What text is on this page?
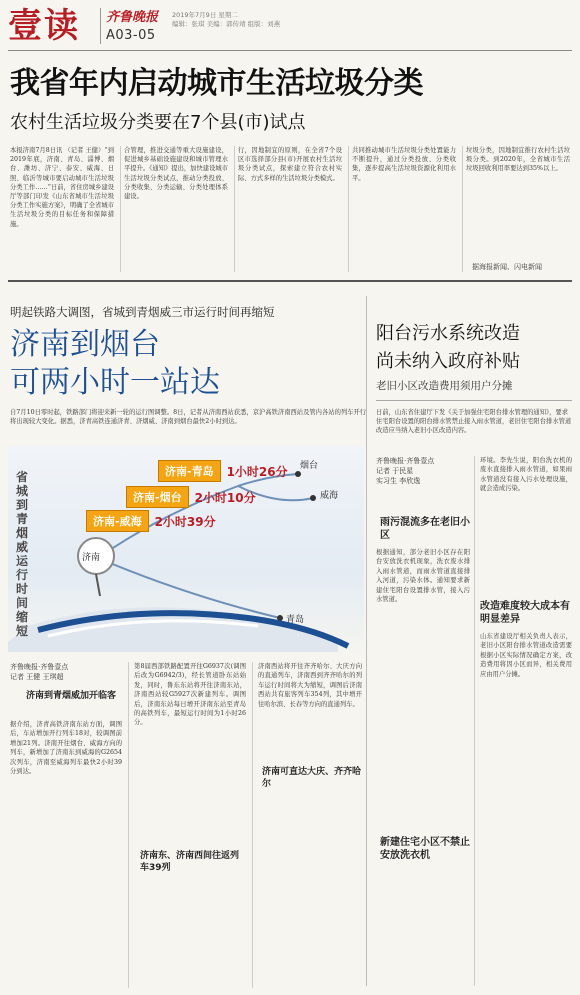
壹读	齐鲁晚报 2019年7月9日 星期二
编辑：张琪 美编：郭传靖 组版：刘燕
A03-05
我省年内启动城市生活垃圾分类
农村生活垃圾分类要在7个县(市)试点
本报济南7月8日讯 （记者 王健）“到2019年底，济南、青岛、淄博、烟台、潍坊、济宁、泰安、威海、日照、临沂等城市要启动城市生活垃圾分类工作……”日前，省住房城乡建设厅等部门印发《山东省城市生活垃圾分类工作实施方案》，明确了全省城市生活垃圾分类的目标任务和保障措施。
合管理，推进交通等重大设施建设，促进城乡基础设施建设和城市管理水平提升。《通知》提出，加快建设城市生活垃圾分类试点，推动分类投放、分类收集、分类运输、分类处理体系建设。
行，因地制宜的原则，在全省7个设区市选择部分县(市)开展农村生活垃圾分类试点，探索建立符合农村实际、方式多样的生活垃圾分类模式。
共同推动城市生活垃圾分类处置能力不断提升，通过分类投放、分类收集，逐步提高生活垃圾资源化利用水平。
垃圾分类，因地制宜推行农村生活垃圾分类。到2020年，全省城市生活垃圾回收利用率要达到35%以上。
据海报新闻、闪电新闻
明起铁路大调图，省城到青烟威三市运行时间再缩短
济南到烟台
可两小时一站达
自7月10日零时起，铁路部门将迎来新一轮的运行图调整。8日，记者从济南西站获悉，京沪高铁济南西站及管内各站的列车开行将出现较大变化。据悉，济青高铁连通济青、济烟威、济南到烟台最快2小时到达。
阳台污水系统改造
尚未纳入政府补贴
老旧小区改造费用须用户分摊
日前，山东省住建厅下发《关于加强住宅阳台排水管理的通知》，要求住宅阳台设置的阳台排水管禁止接入雨水管道，老旧住宅阳台排水管道改造应当纳入老旧小区改造内容。
省城到青烟威运行时间缩短
济南-青岛	1小时26分
济南-烟台	2小时10分
济南-威海	2小时39分
济南
烟台
威海
青岛
齐鲁晚报·齐鲁壹点
记者 王健 王琪超
济南到青烟威加开临客
据介绍，济青高铁济南东站方面，调图后，车站增加开行列车18对，较调图前增加21列。济南开往烟台、威海方向的列车，新增加了济南东到威海的G2654次列车，济南至威海列车最快2小时39分到达。
第8届西部铁路配置开往G6937次(调图后改为G6942/3)，经长管道卧东站始发，同时，鲁东东站将开往济南东站，济南西站较G5927次新建列车。调图后，济南东站每日增开济南东站至青岛的高铁列车，最短运行时间为1小时26分。
济南东、济南西间往返列车39列
济南西站将开往齐齐哈尔、大庆方向的直通列车，济南西到齐齐哈尔的列车运行时间将大为缩短，调图后济南西站共有旅客列车354列，其中增开往哈尔滨、长春等方向的直通列车。
济南可直达大庆、齐齐哈尔
齐鲁晚报·齐鲁壹点
记者 于民星
实习生 李欣逸
雨污混流多在老旧小区
根据通知，部分老旧小区存在阳台安放洗衣机现象，洗衣废水排入雨水管道，而雨水管道直接排入河道，污染水体。通知要求新建住宅阳台设置排水管，接入污水管道。
环境。李先生说，阳台洗衣机的废水直接排入雨水管道，如果雨水管道没有接入污水处理设施，就会造成污染。
改造难度较大成本有明显差异
山东省建设厅相关负责人表示，老旧小区阳台排水管道改造需要根据小区实际情况确定方案，改造费用将因小区而异，相关费用应由用户分摊。
新建住宅小区不禁止安放洗衣机
